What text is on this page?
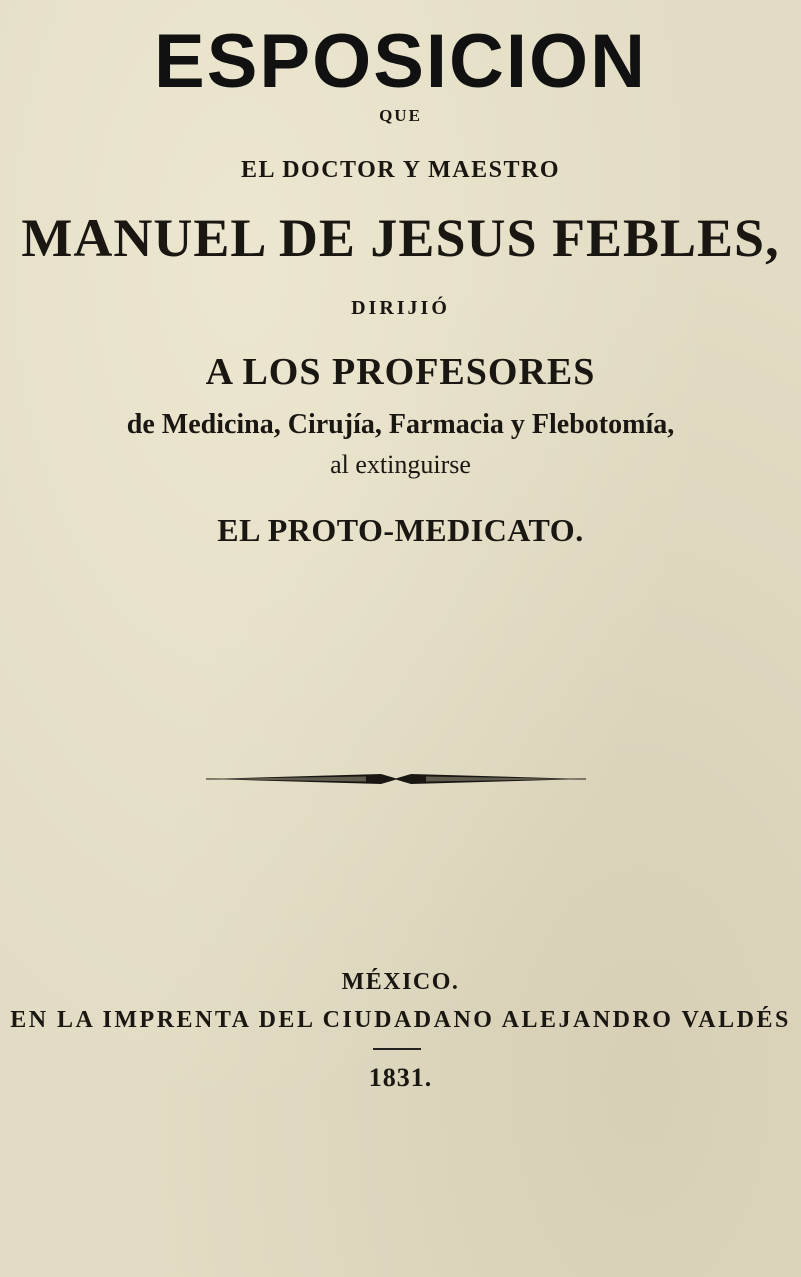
ESPOSICION
QUE
EL DOCTOR Y MAESTRO
MANUEL DE JESUS FEBLES,
DIRIJIÓ
A LOS PROFESORES
de Medicina, Cirujía, Farmacia y Flebotomía,
al extinguirse
EL PROTO-MEDICATO.
MÉXICO.
EN LA IMPRENTA DEL CIUDADANO ALEJANDRO VALDÉS
1831.
